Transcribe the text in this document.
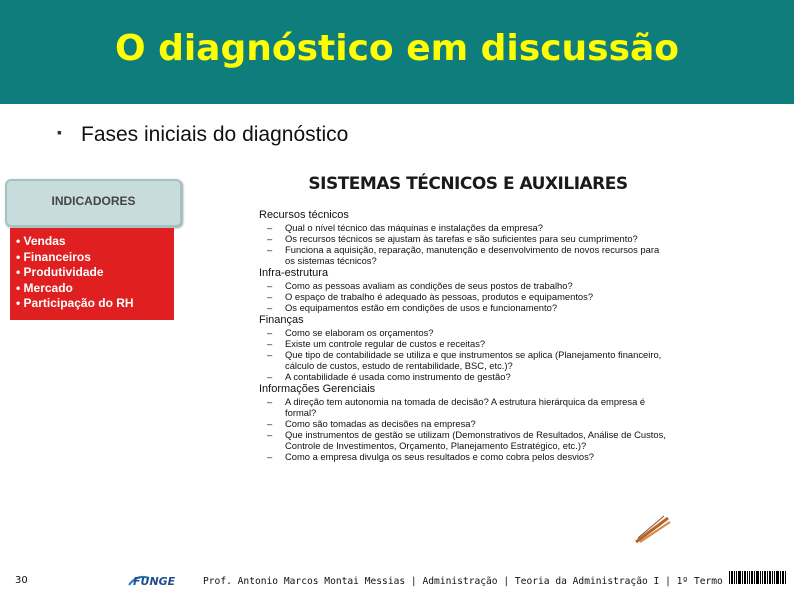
O diagnóstico em discussão
▪ Fases iniciais do diagnóstico
INDICADORES
• Vendas
• Financeiros
• Produtividade
• Mercado
• Participação do RH
SISTEMAS TÉCNICOS E AUXILIARES
Recursos técnicos
– Qual o nível técnico das máquinas e instalações da empresa?
– Os recursos técnicos se ajustam às tarefas e são suficientes para seu cumprimento?
– Funciona a aquisição, reparação, manutenção e desenvolvimento de novos recursos para os sistemas técnicos?
Infra-estrutura
– Como as pessoas avaliam as condições de seus postos de trabalho?
– O espaço de trabalho é adequado às pessoas, produtos e equipamentos?
– Os equipamentos estão em condições de usos e funcionamento?
Finanças
– Como se elaboram os orçamentos?
– Existe um controle regular de custos e receitas?
– Que tipo de contabilidade se utiliza e que instrumentos se aplica (Planejamento financeiro, cálculo de custos, estudo de rentabilidade, BSC, etc.)?
– A contabilidade é usada como instrumento de gestão?
Informações Gerenciais
– A direção tem autonomia na tomada de decisão? A estrutura hierárquica da empresa é formal?
– Como são tomadas as decisões na empresa?
– Que instrumentos de gestão se utilizam (Demonstrativos de Resultados, Análise de Custos, Controle de Investimentos, Orçamento, Planejamento Estratégico, etc.)?
– Como a empresa divulga os seus resultados e como cobra pelos desvios?
30	FUNGE	Prof. Antonio Marcos Montai Messias | Administração | Teoria da Administração I | 1º Termo
